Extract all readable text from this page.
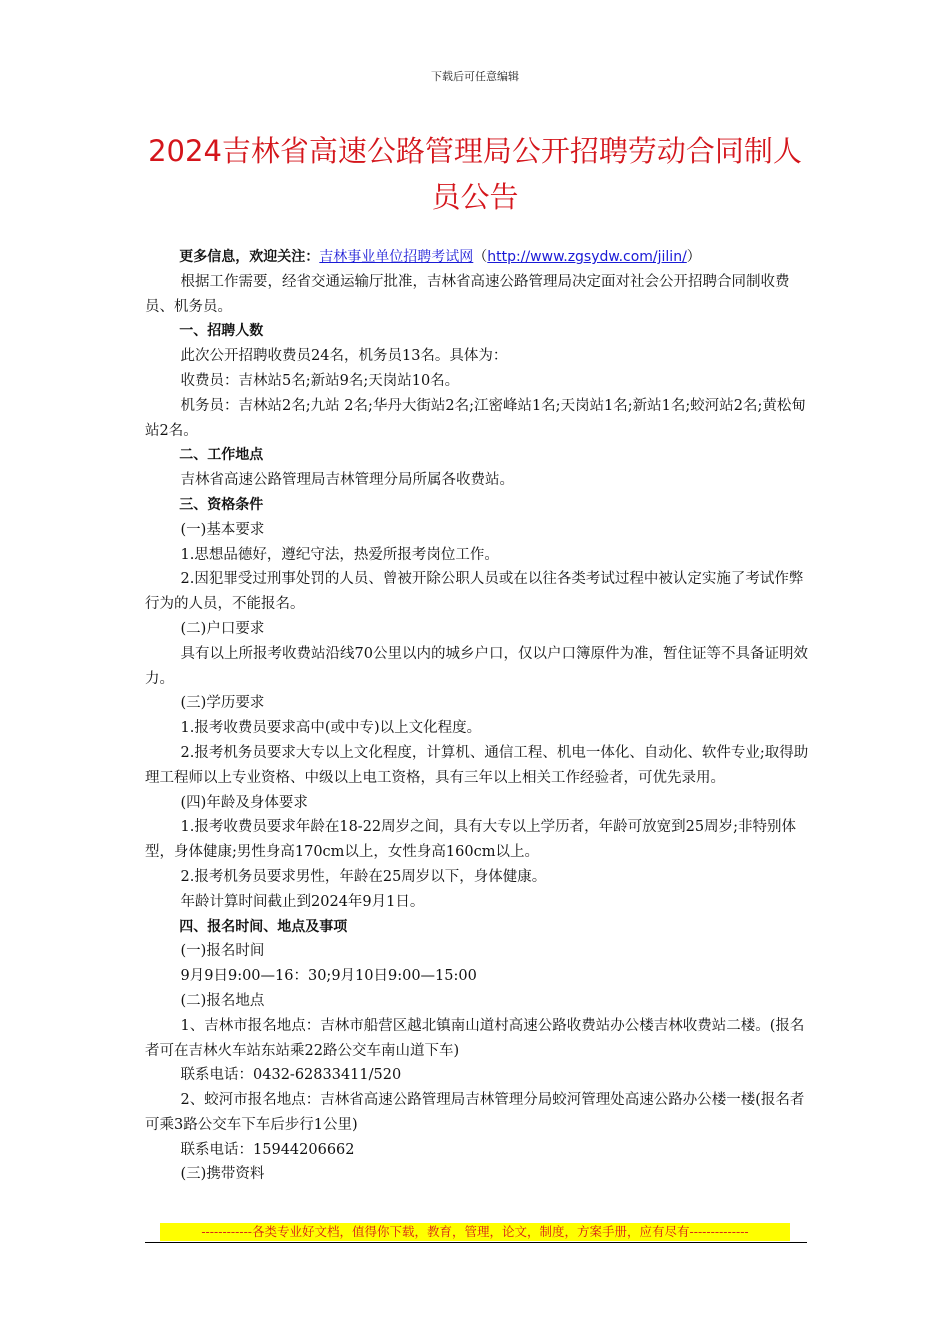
下载后可任意编辑
2024吉林省高速公路管理局公开招聘劳动合同制人员公告

更多信息，欢迎关注：吉林事业单位招聘考试网（http://www.zgsydw.com/jilin/）

根据工作需要，经省交通运输厅批准，吉林省高速公路管理局决定面对社会公开招聘合同制收费员、机务员。

一、招聘人数

此次公开招聘收费员24名，机务员13名。具体为：

收费员：吉林站5名;新站9名;天岗站10名。

机务员：吉林站2名;九站 2名;华丹大街站2名;江密峰站1名;天岗站1名;新站1名;蛟河站2名;黄松甸站2名。

二、工作地点

吉林省高速公路管理局吉林管理分局所属各收费站。

三、资格条件

(一)基本要求

1.思想品德好，遵纪守法，热爱所报考岗位工作。

2.因犯罪受过刑事处罚的人员、曾被开除公职人员或在以往各类考试过程中被认定实施了考试作弊行为的人员，不能报名。

(二)户口要求

具有以上所报考收费站沿线70公里以内的城乡户口，仅以户口簿原件为准，暂住证等不具备证明效力。

(三)学历要求

1.报考收费员要求高中(或中专)以上文化程度。

2.报考机务员要求大专以上文化程度，计算机、通信工程、机电一体化、自动化、软件专业;取得助理工程师以上专业资格、中级以上电工资格，具有三年以上相关工作经验者，可优先录用。

(四)年龄及身体要求

1.报考收费员要求年龄在18-22周岁之间，具有大专以上学历者，年龄可放宽到25周岁;非特别体型，身体健康;男性身高170cm以上，女性身高160cm以上。

2.报考机务员要求男性，年龄在25周岁以下，身体健康。

年龄计算时间截止到2024年9月1日。

四、报名时间、地点及事项

(一)报名时间

9月9日9:00—16：30;9月10日9:00—15:00

(二)报名地点

1、吉林市报名地点：吉林市船营区越北镇南山道村高速公路收费站办公楼吉林收费站二楼。(报名者可在吉林火车站东站乘22路公交车南山道下车)

联系电话：0432-62833411/520

2、蛟河市报名地点：吉林省高速公路管理局吉林管理分局蛟河管理处高速公路办公楼一楼(报名者可乘3路公交车下车后步行1公里)

联系电话：15944206662

(三)携带资料

------------各类专业好文档，值得你下载，教育，管理，论文，制度，方案手册，应有尽有--------------
